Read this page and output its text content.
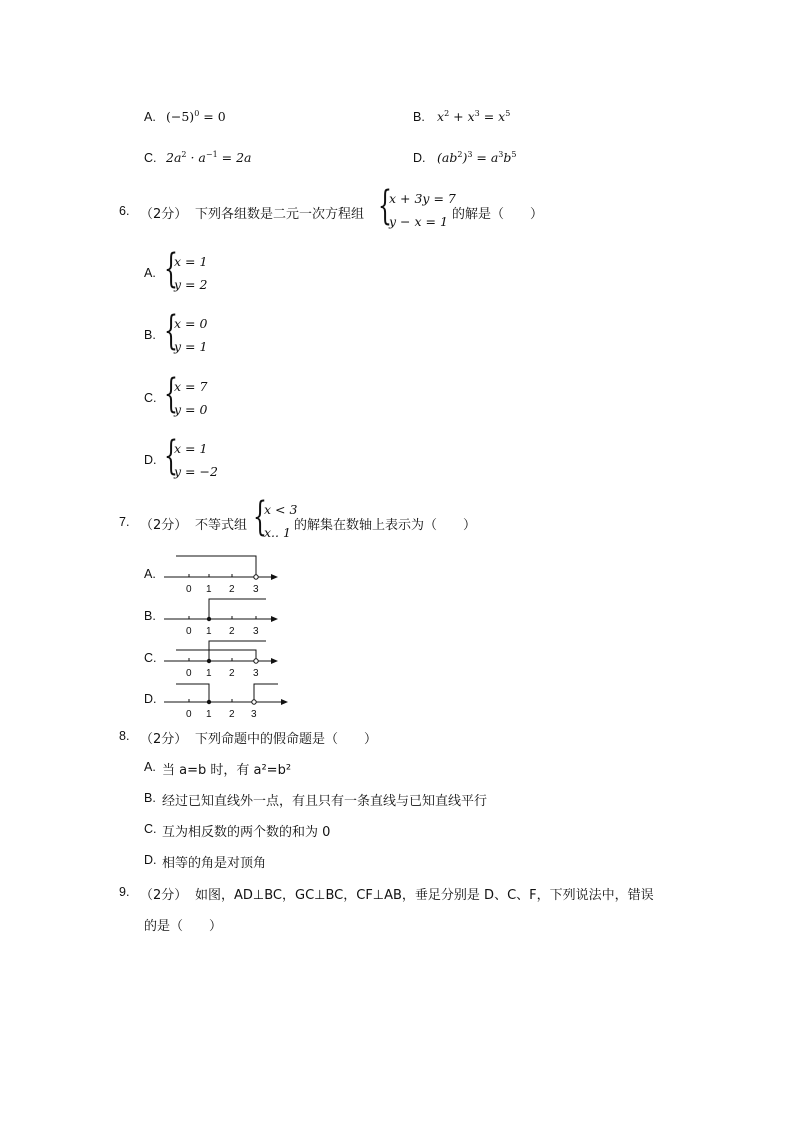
A. $(-5)^0 = 0$	B. $x^2 + x^3 = x^5$
C. $2a^2 \cdot a^{-1} = 2a$	D. $(ab^2)^3 = a^3b^5$
6. （2分） 下列各组数是二元一次方程组 {
x + 3y = 7
y − x = 1 的解是（　　）
A. {
x = 1
y = 2
B. {
x = 0
y = 1
C. {
x = 7
y = 0
D. {
x = 1
y = −2
7. （2分） 不等式组 {
x < 3
x.. 1 的解集在数轴上表示为（　　）
A.
0 1 2 3
B.
0 1 2 3
C.
0 1 2 3
D.
0 1 2 3
8. （2分） 下列命题中的假命题是（　　）
A. 当 a=b 时，有 a²=b²
B. 经过已知直线外一点，有且只有一条直线与已知直线平行
C. 互为相反数的两个数的和为 0
D. 相等的角是对顶角
9. （2分） 如图，AD⊥BC，GC⊥BC，CF⊥AB，垂足分别是 D、C、F，下列说法中，错误
的是（　　）
